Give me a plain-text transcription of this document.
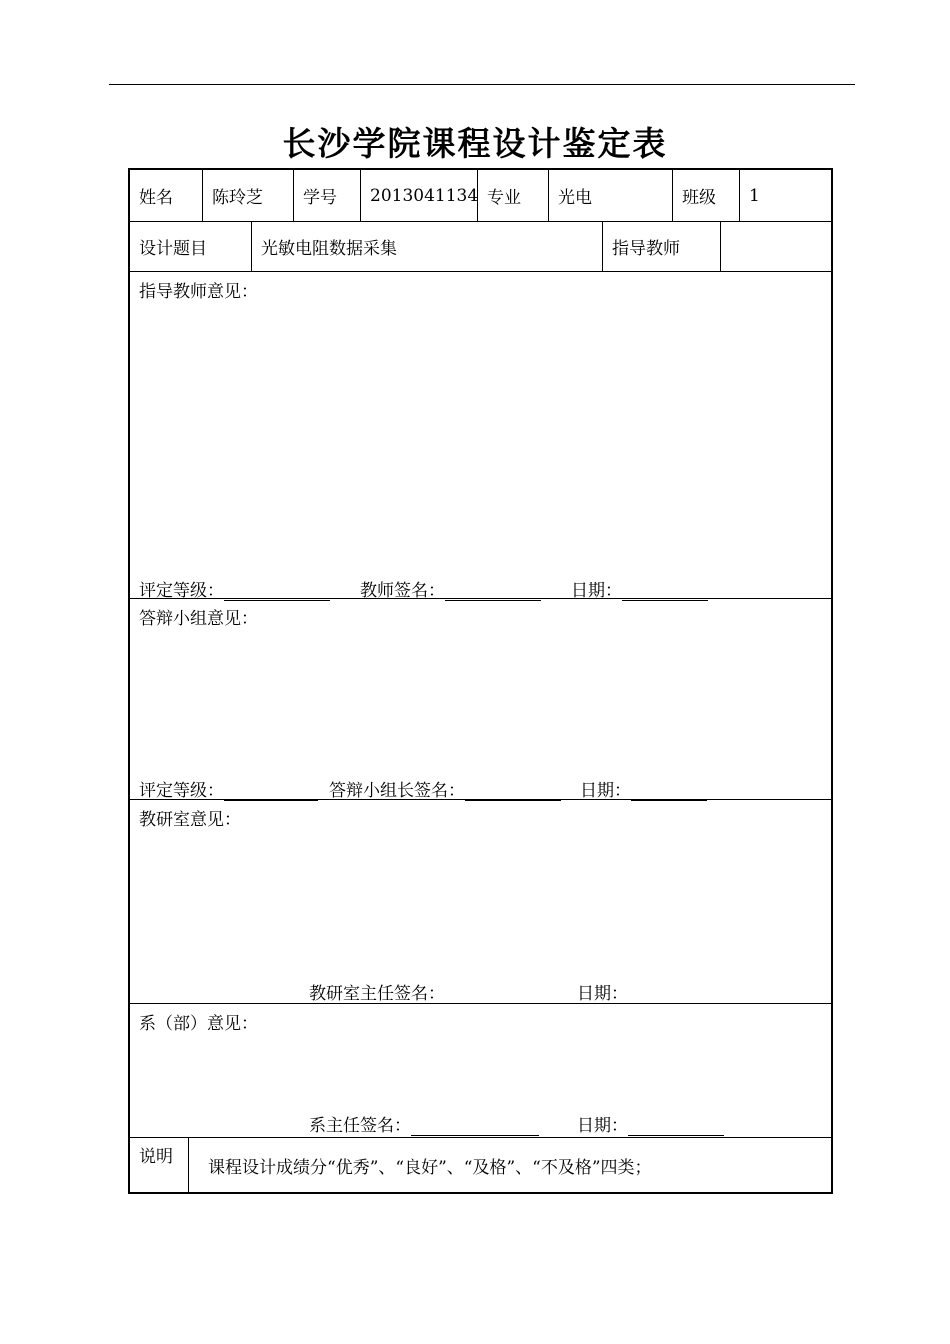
长沙学院课程设计鉴定表
姓名	陈玲芝	学号	2013041134 专业	光电	班级	1
设计题目	光敏电阻数据采集	指导教师
指导教师意见：
评定等级：	教师签名：	日期：
答辩小组意见：
评定等级：	答辩小组长签名：	日期：
教研室意见：
教研室主任签名：	日期：
系（部）意见：
系主任签名：	日期：
说明
课程设计成绩分“优秀”、“良好”、“及格”、“不及格”四类；
